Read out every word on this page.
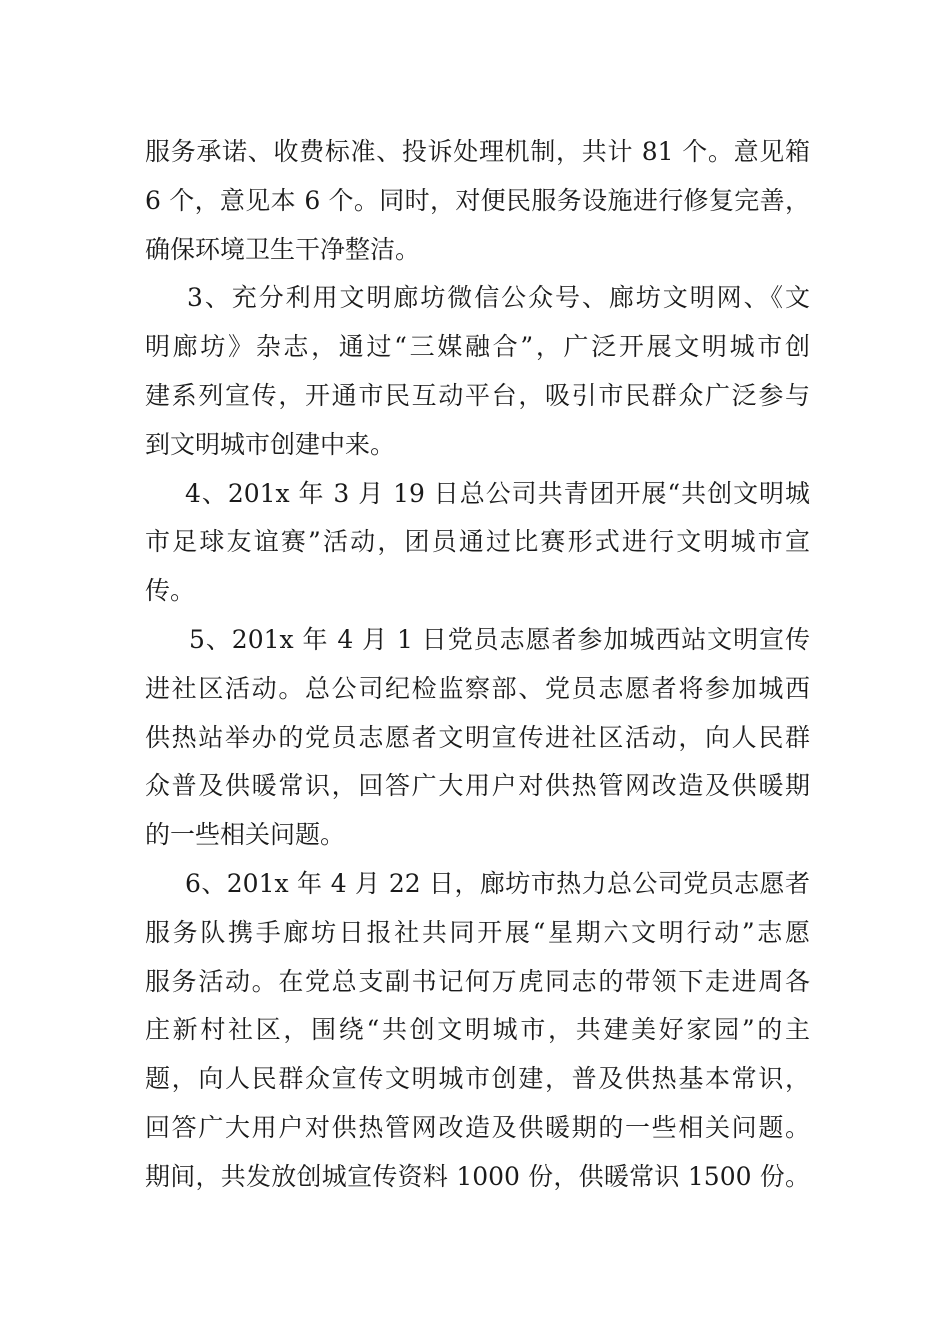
服务承诺、收费标准、投诉处理机制，共计 81 个。意见箱
6 个，意见本 6 个。同时，对便民服务设施进行修复完善，
确保环境卫生干净整洁。
3、充分利用文明廊坊微信公众号、廊坊文明网、《文
明廊坊》杂志，通过“三媒融合”，广泛开展文明城市创
建系列宣传，开通市民互动平台，吸引市民群众广泛参与
到文明城市创建中来。
4、201x 年 3 月 19 日总公司共青团开展“共创文明城
市足球友谊赛”活动，团员通过比赛形式进行文明城市宣
传。
5、201x 年 4 月 1 日党员志愿者参加城西站文明宣传
进社区活动。总公司纪检监察部、党员志愿者将参加城西
供热站举办的党员志愿者文明宣传进社区活动，向人民群
众普及供暖常识，回答广大用户对供热管网改造及供暖期
的一些相关问题。
6、201x 年 4 月 22 日，廊坊市热力总公司党员志愿者
服务队携手廊坊日报社共同开展“星期六文明行动”志愿
服务活动。在党总支副书记何万虎同志的带领下走进周各
庄新村社区，围绕“共创文明城市，共建美好家园”的主
题，向人民群众宣传文明城市创建，普及供热基本常识，
回答广大用户对供热管网改造及供暖期的一些相关问题。
期间，共发放创城宣传资料 1000 份，供暖常识 1500 份。
